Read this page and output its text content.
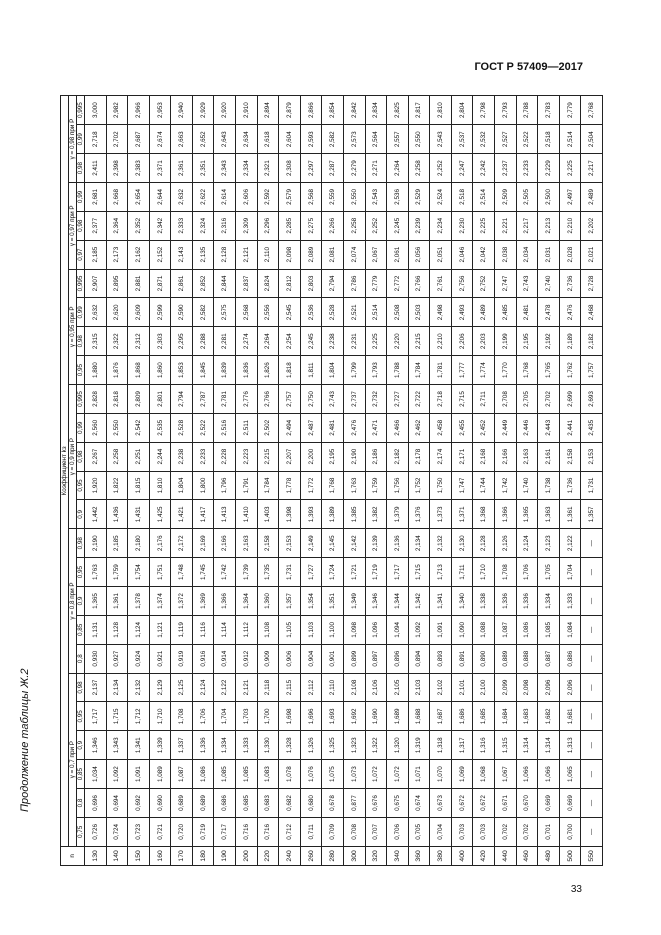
ГОСТ Р 57409—2017
Продолжение таблицы Ж.2
n	Коэффициент kз																									
	γ = 0,7 при P						γ = 0,8 при P					γ = 0,9 при P					γ = 0,95 при P				γ = 0,97 при P			γ = 0,98 при P		
	0,75	0,8	0,85	0,9	0,95	0,98	0,8	0,85	0,9	0,95	0,98	0,9	0,95	0,98	0,99	0,995	0,95	0,98	0,99	0,995	0,97	0,98	0,99	0,98	0,99	0,995
130	0,726	0,696	1,034	1,346	1,717	2,137	0,930	1,131	1,365	1,763	2,190	1,442	1,920	2,267	2,560	2,828	1,880	2,315	2,632	2,907	2,185	2,377	2,681	2,411	2,718	3,000
140	0,724	0,694	1,092	1,343	1,715	2,134	0,927	1,128	1,361	1,759	2,185	1,436	1,822	2,258	2,550	2,818	1,876	2,322	2,620	2,895	2,173	2,364	2,668	2,398	2,702	2,982
150	0,723	0,692	1,091	1,341	1,712	2,132	0,924	1,124	1,378	1,754	2,180	1,431	1,815	2,251	2,542	2,809	1,868	2,312	2,609	2,881	2,162	2,352	2,654	2,383	2,687	2,966
160	0,721	0,690	1,089	1,339	1,710	2,129	0,921	1,121	1,374	1,751	2,176	1,425	1,810	2,244	2,535	2,801	1,860	2,303	2,599	2,871	2,152	2,342	2,644	2,371	2,674	2,953
170	0,720	0,689	1,087	1,337	1,708	2,125	0,919	1,119	1,372	1,748	2,172	1,421	1,804	2,238	2,528	2,794	1,853	2,295	2,590	2,861	2,143	2,333	2,632	2,361	2,663	2,940
180	0,719	0,689	1,086	1,336	1,706	2,124	0,916	1,116	1,369	1,745	2,169	1,417	1,800	2,233	2,522	2,787	1,845	2,288	2,582	2,852	2,135	2,324	2,622	2,351	2,652	2,929
190	0,717	0,686	1,085	1,334	1,704	2,122	0,914	1,114	1,366	1,742	2,166	1,413	1,796	2,228	2,516	2,781	1,839	2,281	2,575	2,844	2,128	2,316	2,614	2,343	2,643	2,920
200	0,716	0,685	1,085	1,333	1,703	2,121	0,912	1,112	1,364	1,739	2,163	1,410	1,791	2,223	2,511	2,776	1,836	2,274	2,568	2,837	2,121	2,309	2,606	2,334	2,634	2,910
220	0,716	0,683	1,083	1,330	1,700	2,118	0,909	1,108	1,360	1,735	2,158	1,403	1,784	2,215	2,502	2,766	1,826	2,264	2,556	2,824	2,110	2,296	2,592	2,321	2,618	2,894
240	0,712	0,682	1,078	1,328	1,698	2,115	0,906	1,105	1,357	1,731	2,153	1,398	1,778	2,207	2,494	2,757	1,818	2,254	2,545	2,812	2,098	2,285	2,579	2,308	2,604	2,879
260	0,711	0,680	1,076	1,326	1,696	2,112	0,904	1,103	1,354	1,727	2,149	1,393	1,772	2,200	2,487	2,750	1,811	2,245	2,536	2,803	2,089	2,275	2,568	2,297	2,593	2,866
280	0,709	0,678	1,075	1,325	1,693	2,110	0,901	1,100	1,351	1,724	2,145	1,389	1,768	2,195	2,481	2,743	1,804	2,238	2,528	2,794	2,081	2,266	2,559	2,287	2,582	2,854
300	0,708	0,877	1,073	1,323	1,692	2,108	0,899	1,098	1,349	1,721	2,142	1,385	1,763	2,190	2,476	2,737	1,799	2,231	2,521	2,786	2,074	2,258	2,550	2,279	2,573	2,842
320	0,707	0,676	1,072	1,322	1,690	2,106	0,897	1,096	1,346	1,719	2,139	1,382	1,759	2,186	2,471	2,732	1,793	2,225	2,514	2,779	2,067	2,252	2,543	2,271	2,564	2,834
340	0,706	0,675	1,072	1,320	1,689	2,105	0,896	1,094	1,344	1,717	2,136	1,379	1,756	2,182	2,466	2,727	1,788	2,220	2,508	2,772	2,061	2,245	2,536	2,264	2,557	2,825
360	0,705	0,674	1,071	1,319	1,688	2,103	0,894	1,092	1,342	1,715	2,134	1,376	1,752	2,178	2,462	2,722	1,784	2,215	2,503	2,766	2,056	2,239	2,529	2,258	2,550	2,817
380	0,704	0,673	1,070	1,318	1,687	2,102	0,893	1,091	1,341	1,713	2,132	1,373	1,750	2,174	2,458	2,718	1,781	2,210	2,498	2,761	2,051	2,234	2,524	2,252	2,543	2,810
400	0,703	0,672	1,069	1,317	1,686	2,101	0,891	1,090	1,340	1,711	2,130	1,371	1,747	2,171	2,455	2,715	1,777	2,206	2,493	2,756	2,046	2,230	2,518	2,247	2,537	2,804
420	0,703	0,672	1,068	1,316	1,685	2,100	0,890	1,088	1,338	1,710	2,128	1,368	1,744	2,168	2,452	2,711	1,774	2,203	2,489	2,752	2,042	2,225	2,514	2,242	2,532	2,798
440	0,702	0,671	1,067	1,315	1,684	2,099	0,889	1,087	1,336	1,708	2,126	1,366	1,742	2,166	2,449	2,708	1,770	2,199	2,485	2,747	2,038	2,221	2,509	2,237	2,527	2,793
460	0,702	0,670	1,066	1,314	1,683	2,098	0,888	1,086	1,336	1,706	2,124	1,365	1,740	2,163	2,446	2,705	1,768	2,195	2,481	2,743	2,034	2,217	2,505	2,233	2,522	2,788
480	0,701	0,669	1,066	1,314	1,682	2,096	0,887	1,085	1,334	1,705	2,123	1,363	1,738	2,161	2,443	2,702	1,765	2,192	2,478	2,740	2,031	2,213	2,500	2,229	2,518	2,783
500	0,700	0,669	1,065	1,313	1,681	2,096	0,886	1,084	1,333	1,704	2,122	1,361	1,736	2,158	2,441	2,699	1,762	2,189	2,476	2,736	2,028	2,210	2,497	2,225	2,514	2,779
550	—	—	—	—	—	—	—	—	—	—	—	1,357	1,731	2,153	2,435	2,693	1,757	2,182	2,468	2,728	2,021	2,202	2,489	2,217	2,504	2,768
33
